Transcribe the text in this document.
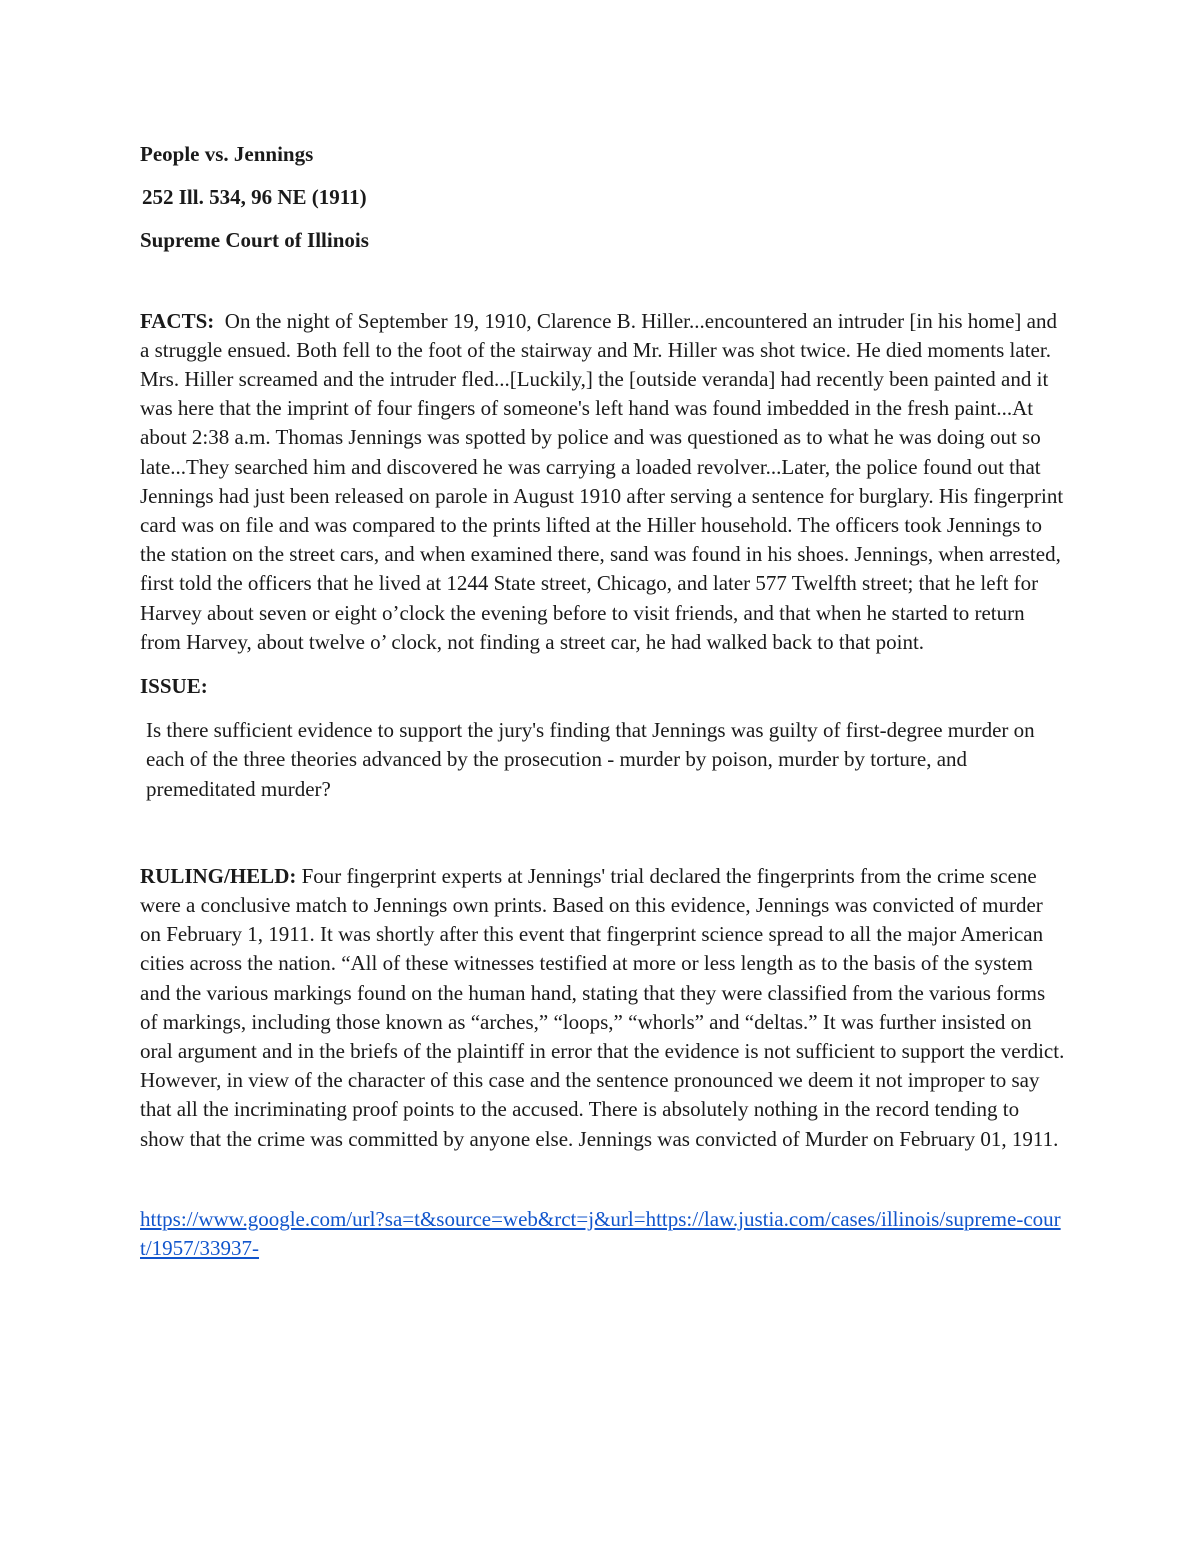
People vs. Jennings

252 Ill. 534, 96 NE (1911)

Supreme Court of Illinois

FACTS: On the night of September 19, 1910, Clarence B. Hiller...encountered an intruder [in his home] and a struggle ensued. Both fell to the foot of the stairway and Mr. Hiller was shot twice. He died moments later. Mrs. Hiller screamed and the intruder fled...[Luckily,] the [outside veranda] had recently been painted and it was here that the imprint of four fingers of someone's left hand was found imbedded in the fresh paint...At about 2:38 a.m. Thomas Jennings was spotted by police and was questioned as to what he was doing out so late...They searched him and discovered he was carrying a loaded revolver...Later, the police found out that Jennings had just been released on parole in August 1910 after serving a sentence for burglary. His fingerprint card was on file and was compared to the prints lifted at the Hiller household. The officers took Jennings to the station on the street cars, and when examined there, sand was found in his shoes. Jennings, when arrested, first told the officers that he lived at 1244 State street, Chicago, and later 577 Twelfth street; that he left for Harvey about seven or eight o’clock the evening before to visit friends, and that when he started to return from Harvey, about twelve o’ clock, not finding a street car, he had walked back to that point.

ISSUE:

Is there sufficient evidence to support the jury's finding that Jennings was guilty of first-degree murder on each of the three theories advanced by the prosecution - murder by poison, murder by torture, and premeditated murder?

RULING/HELD: Four fingerprint experts at Jennings' trial declared the fingerprints from the crime scene were a conclusive match to Jennings own prints. Based on this evidence, Jennings was convicted of murder on February 1, 1911. It was shortly after this event that fingerprint science spread to all the major American cities across the nation. “All of these witnesses testified at more or less length as to the basis of the system and the various markings found on the human hand, stating that they were classified from the various forms of markings, including those known as “arches,” “loops,” “whorls” and “deltas.” It was further insisted on oral argument and in the briefs of the plaintiff in error that the evidence is not sufficient to support the verdict. However, in view of the character of this case and the sentence pronounced we deem it not improper to say that all the incriminating proof points to the accused. There is absolutely nothing in the record tending to show that the crime was committed by anyone else. Jennings was convicted of Murder on February 01, 1911.

https://www.google.com/url?sa=t&source=web&rct=j&url=https://law.justia.com/cases/illinois/supreme-court/1957/33937-
